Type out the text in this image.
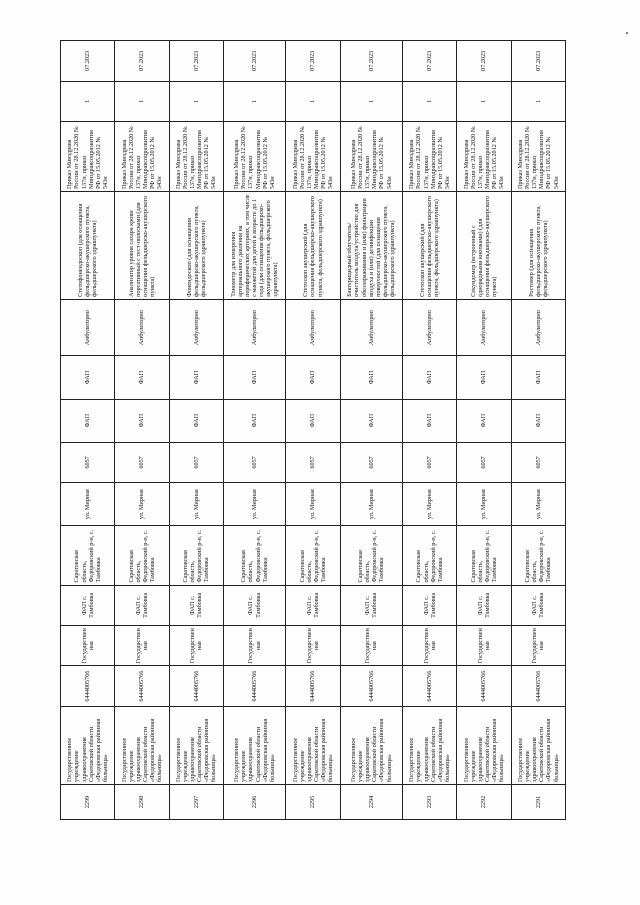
2299	Государственное учреждение здравоохранения Саратовской области «Федоровская районная больница»	6444005766	Государственная	ФАП с. Тамбовка	Саратовская область, Федоровский р-н, с. Тамбовка	ул. Мирная	6057	ФАП	ФАП	Амбулаторно	Стетофонендоскоп (для оснащения фельдшерско-акушерского пункта, фельдшерского здравпункта)	Приказ Минздрава России от 28.12.2020 № 137н, приказ Минздравсоцразвития РФ от 15.05.2012 № 543н	1	07.2023
2298	Государственное учреждение здравоохранения Саратовской области «Федоровская районная больница»	6444005766	Государственная	ФАП с. Тамбовка	Саратовская область, Федоровский р-н, с. Тамбовка	ул. Мирная	6057	ФАП	ФАП	Амбулаторно	Анализатор уровня сахара крови портативный с тест-полосками (для оснащения фельдшерско-акушерского пункта)	Приказ Минздрава России от 28.12.2020 № 137н, приказ Минздравсоцразвития РФ от 15.05.2012 № 543н	1	07.2023
2297	Государственное учреждение здравоохранения Саратовской области «Федоровская районная больница»	6444005766	Государственная	ФАП с. Тамбовка	Саратовская область, Федоровский р-н, с. Тамбовка	ул. Мирная	6057	ФАП	ФАП	Амбулаторно	Фонендоскоп (для оснащения фельдшерско-акушерского пункта, фельдшерского здравпункта)	Приказ Минздрава России от 28.12.2020 № 137н, приказ Минздравсоцразвития РФ от 15.05.2012 № 543н	1	07.2023
2296	Государственное учреждение здравоохранения Саратовской области «Федоровская районная больница»	6444005766	Государственная	ФАП с. Тамбовка	Саратовская область, Федоровский р-н, с. Тамбовка	ул. Мирная	6057	ФАП	ФАП	Амбулаторно	Тонометр для измерения артериального давления на периферических артериях, в том числе с манжетой для детей в возрасте до 1 года (для оснащения фельдшерско-акушерского пункта, фельдшерского здравпункта)	Приказ Минздрава России от 28.12.2020 № 137н, приказ Минздравсоцразвития РФ от 15.05.2012 № 543н	1	07.2023
2295	Государственное учреждение здравоохранения Саратовской области «Федоровская районная больница»	6444005766	Государственная	ФАП с. Тамбовка	Саратовская область, Федоровский р-н, с. Тамбовка	ул. Мирная	6057	ФАП	ФАП	Амбулаторно	Стетоскоп акушерский (для оснащения фельдшерско-акушерского пункта, фельдшерского здравпункта)	Приказ Минздрава России от 28.12.2020 № 137н, приказ Минздравсоцразвития РФ от 15.05.2012 № 543н	1	07.2023
2294	Государственное учреждение здравоохранения Саратовской области «Федоровская районная больница»	6444005766	Государственная	ФАП с. Тамбовка	Саратовская область, Федоровский р-н, с. Тамбовка	ул. Мирная	6057	ФАП	ФАП	Амбулаторно	Бактерицидный облучатель/очиститель воздуха/устройство для обеззараживания и (или) фильтрации воздуха и (или) дезинфекции поверхностей (для оснащения фельдшерско-акушерского пункта, фельдшерского здравпункта)	Приказ Минздрава России от 28.12.2020 № 137н, приказ Минздравсоцразвития РФ от 15.05.2012 № 543н	1	07.2023
2293	Государственное учреждение здравоохранения Саратовской области «Федоровская районная больница»	6444005766	Государственная	ФАП с. Тамбовка	Саратовская область, Федоровский р-н, с. Тамбовка	ул. Мирная	6057	ФАП	ФАП	Амбулаторно	Стетоскоп акушерский (для оснащения фельдшерско-акушерского пункта, фельдшерского здравпункта)	Приказ Минздрава России от 28.12.2020 № 137н, приказ Минздравсоцразвития РФ от 15.05.2012 № 543н	1	07.2023
2292	Государственное учреждение здравоохранения Саратовской области «Федоровская районная больница»	6444005766	Государственная	ФАП с. Тамбовка	Саратовская область, Федоровский р-н, с. Тамбовка	ул. Мирная	6057	ФАП	ФАП	Амбулаторно	Секундомер (встроенный с однорядными кнопками) (для оснащения фельдшерско-акушерского пункта)	Приказ Минздрава России от 28.12.2020 № 137н, приказ Минздравсоцразвития РФ от 15.05.2012 № 543н	1	07.2023
2291	Государственное учреждение здравоохранения Саратовской области «Федоровская районная больница»	6444005766	Государственная	ФАП с. Тамбовка	Саратовская область, Федоровский р-н, с. Тамбовка	ул. Мирная	6057	ФАП	ФАП	Амбулаторно	Ростомер (для оснащения фельдшерско-акушерского пункта, фельдшерского здравпункта)	Приказ Минздрава России от 28.12.2020 № 137н, приказ Минздравсоцразвития РФ от 15.05.2012 № 543н	1	07.2023
